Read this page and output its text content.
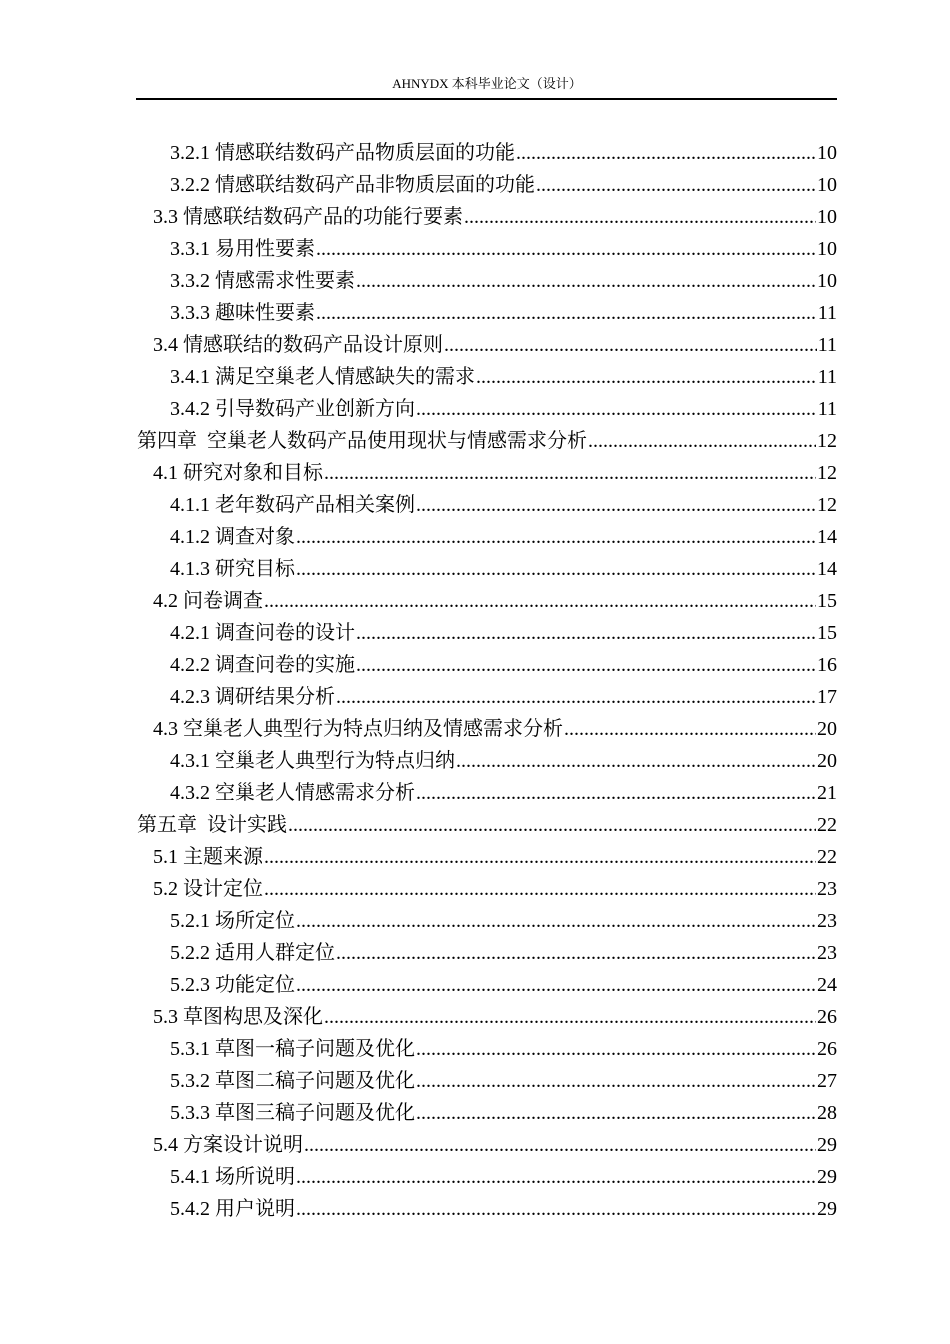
AHNYDX 本科毕业论文（设计）
3.2.1 情感联结数码产品物质层面的功能 .....	10
3.2.2 情感联结数码产品非物质层面的功能 .....	10
3.3 情感联结数码产品的功能行要素 .....	10
3.3.1 易用性要素 .....	10
3.3.2 情感需求性要素 .....	10
3.3.3 趣味性要素 .....	11
3.4 情感联结的数码产品设计原则 .....	11
3.4.1 满足空巢老人情感缺失的需求 .....	11
3.4.2 引导数码产业创新方向 .....	11
第四章 空巢老人数码产品使用现状与情感需求分析 .....	12
4.1 研究对象和目标 .....	12
4.1.1 老年数码产品相关案例 .....	12
4.1.2 调查对象 .....	14
4.1.3 研究目标 .....	14
4.2 问卷调查 .....	15
4.2.1 调查问卷的设计 .....	15
4.2.2 调查问卷的实施 .....	16
4.2.3 调研结果分析 .....	17
4.3 空巢老人典型行为特点归纳及情感需求分析 .....	20
4.3.1 空巢老人典型行为特点归纳 .....	20
4.3.2 空巢老人情感需求分析 .....	21
第五章 设计实践 .....	22
5.1 主题来源 .....	22
5.2 设计定位 .....	23
5.2.1 场所定位 .....	23
5.2.2 适用人群定位 .....	23
5.2.3 功能定位 .....	24
5.3 草图构思及深化 .....	26
5.3.1 草图一稿子问题及优化 .....	26
5.3.2 草图二稿子问题及优化 .....	27
5.3.3 草图三稿子问题及优化 .....	28
5.4 方案设计说明 .....	29
5.4.1 场所说明 .....	29
5.4.2 用户说明 .....	29
